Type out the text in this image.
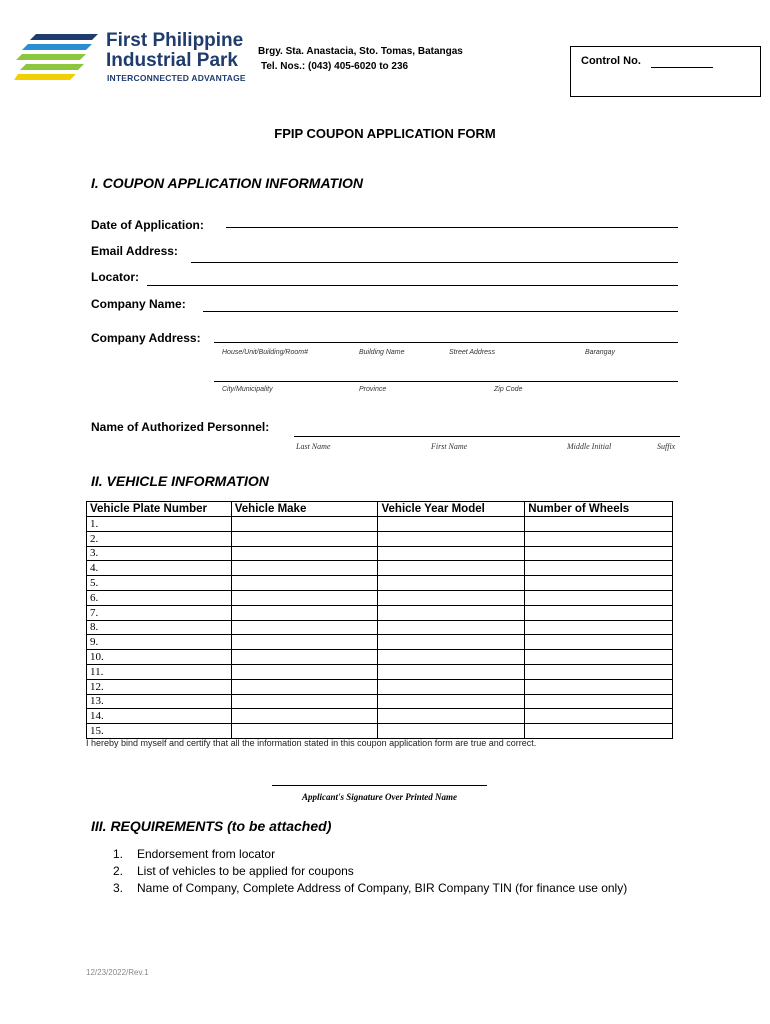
First Philippine
Industrial Park
INTERCONNECTED ADVANTAGE
Brgy. Sta. Anastacia, Sto. Tomas, Batangas
Tel. Nos.: (043) 405-6020 to 236	Control No.
FPIP COUPON APPLICATION FORM
I. COUPON APPLICATION INFORMATION
Date of Application:
Email Address:
Locator:
Company Name:
Company Address:
House/Unit/Building/Room#	Building Name	Street Address	Barangay
City/Municipality	Province	Zip Code
Name of Authorized Personnel:
Last Name	First Name	Middle Initial	Suffix
II. VEHICLE INFORMATION
Vehicle Plate Number	Vehicle Make	Vehicle Year Model	Number of Wheels
1.			
2.			
3.			
4.			
5.			
6.			
7.			
8.			
9.			
10.			
11.			
12.			
13.			
14.			
15.			
I hereby bind myself and certify that all the information stated in this coupon application form are true and correct.
Applicant's Signature Over Printed Name
III. REQUIREMENTS (to be attached)
1. Endorsement from locator
2. List of vehicles to be applied for coupons
3. Name of Company, Complete Address of Company, BIR Company TIN (for finance use only)
12/23/2022/Rev.1
